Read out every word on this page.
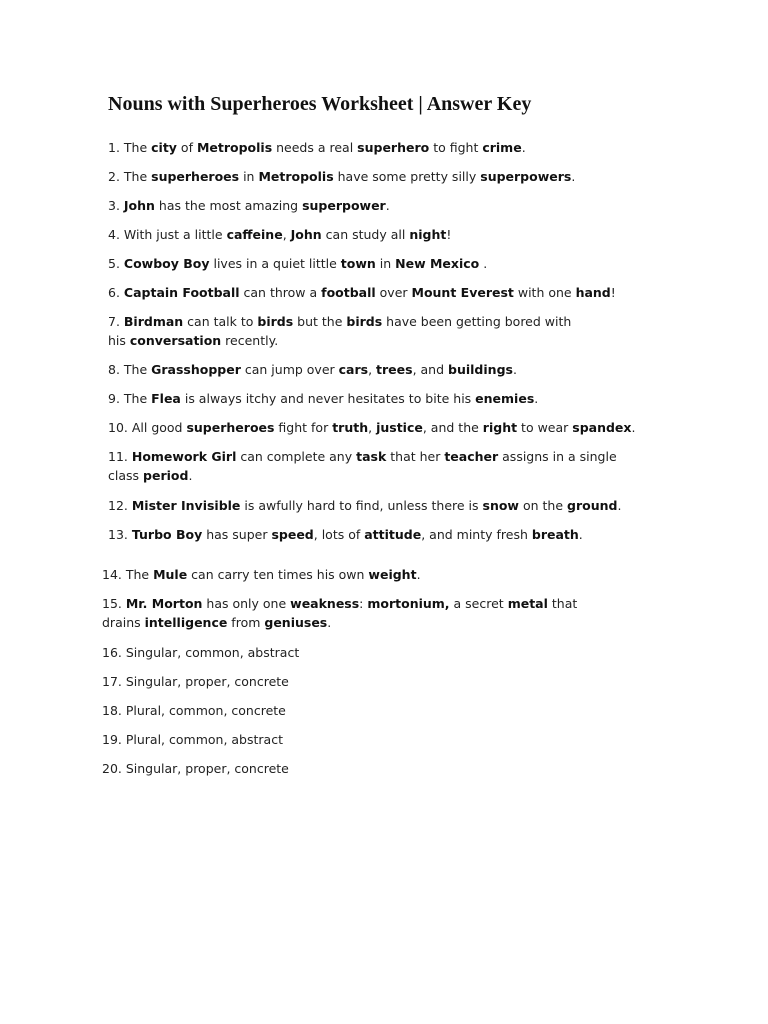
Nouns with Superheroes Worksheet | Answer Key

1. The city of Metropolis needs a real superhero to fight crime.

2. The superheroes in Metropolis have some pretty silly superpowers.

3. John has the most amazing superpower.

4. With just a little caffeine, John can study all night!

5. Cowboy Boy lives in a quiet little town in New Mexico .

6. Captain Football can throw a football over Mount Everest with one hand!

7. Birdman can talk to birds but the birds have been getting bored with

his conversation recently.

8. The Grasshopper can jump over cars, trees, and buildings.

9. The Flea is always itchy and never hesitates to bite his enemies.

10. All good superheroes fight for truth, justice, and the right to wear spandex.

11. Homework Girl can complete any task that her teacher assigns in a single

class period.

12. Mister Invisible is awfully hard to find, unless there is snow on the ground.

13. Turbo Boy has super speed, lots of attitude, and minty fresh breath.

14. The Mule can carry ten times his own weight.

15. Mr. Morton has only one weakness: mortonium, a secret metal that

drains intelligence from geniuses.

16. Singular, common, abstract

17. Singular, proper, concrete

18. Plural, common, concrete

19. Plural, common, abstract

20. Singular, proper, concrete
